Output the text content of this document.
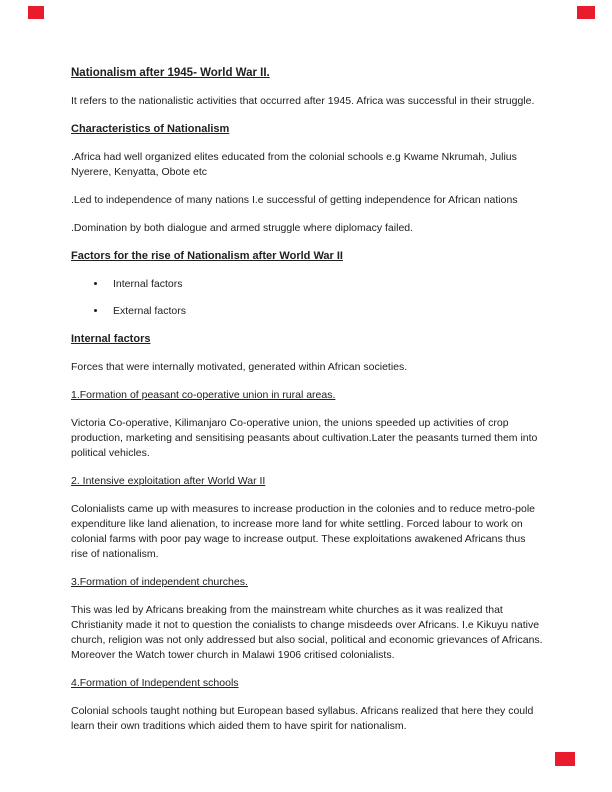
Nationalism after 1945- World War II.

It refers to the nationalistic activities that occurred after 1945. Africa was successful in their struggle.

Characteristics of Nationalism

.Africa had well organized elites educated from the colonial schools e.g Kwame Nkrumah, Julius Nyerere, Kenyatta, Obote etc

.Led to independence of many nations I.e successful of getting independence for African nations

.Domination by both dialogue and armed struggle where diplomacy failed.

Factors for the rise of Nationalism after World War II
• Internal factors
• External factors
Internal factors

Forces that were internally motivated, generated within African societies.

1.Formation of peasant co-operative union in rural areas.

Victoria Co-operative, Kilimanjaro Co-operative union, the unions speeded up activities of crop production, marketing and sensitising peasants about cultivation.Later the peasants turned them into political vehicles.

2. Intensive exploitation after World War II

Colonialists came up with measures to increase production in the colonies and to reduce metro-pole expenditure like land alienation, to increase more land for white settling. Forced labour to work on colonial farms with poor pay wage to increase output. These exploitations awakened Africans thus rise of nationalism.

3.Formation of independent churches.

This was led by Africans breaking from the mainstream white churches as it was realized that Christianity made it not to question the conialists to change misdeeds over Africans. I.e Kikuyu native church, religion was not only addressed but also social, political and economic grievances of Africans. Moreover the Watch tower church in Malawi 1906 critised colonialists.

4.Formation of Independent schools

Colonial schools taught nothing but European based syllabus. Africans realized that here they could learn their own traditions which aided them to have spirit for nationalism.
